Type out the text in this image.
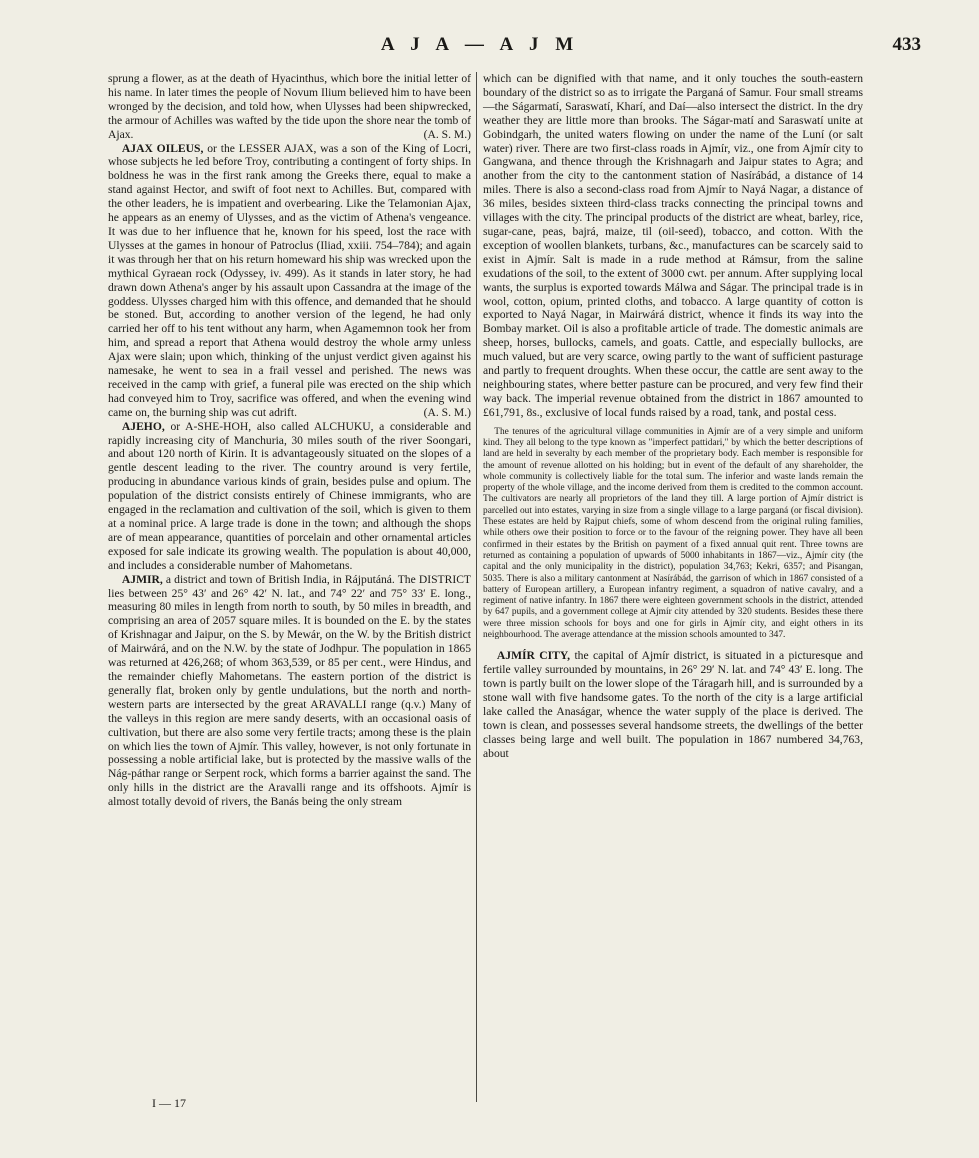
A J A — A J M	433

sprung a flower, as at the death of Hyacinthus, which bore the initial letter of his name. In later times the people of Novum Ilium believed him to have been wronged by the decision, and told how, when Ulysses had been shipwrecked, the armour of Achilles was wafted by the tide upon the shore near the tomb of Ajax.	(A. S. M.)

AJAX OILEUS, or the LESSER AJAX, was a son of the King of Locri, whose subjects he led before Troy, contributing a contingent of forty ships. In boldness he was in the first rank among the Greeks there, equal to make a stand against Hector, and swift of foot next to Achilles. But, compared with the other leaders, he is impatient and overbearing. Like the Telamonian Ajax, he appears as an enemy of Ulysses, and as the victim of Athena's vengeance. It was due to her influence that he, known for his speed, lost the race with Ulysses at the games in honour of Patroclus (Iliad, xxiii. 754–784); and again it was through her that on his return homeward his ship was wrecked upon the mythical Gyraean rock (Odyssey, iv. 499). As it stands in later story, he had drawn down Athena's anger by his assault upon Cassandra at the image of the goddess. Ulysses charged him with this offence, and demanded that he should be stoned. But, according to another version of the legend, he had only carried her off to his tent without any harm, when Agamemnon took her from him, and spread a report that Athena would destroy the whole army unless Ajax were slain; upon which, thinking of the unjust verdict given against his namesake, he went to sea in a frail vessel and perished. The news was received in the camp with grief, a funeral pile was erected on the ship which had conveyed him to Troy, sacrifice was offered, and when the evening wind came on, the burning ship was cut adrift.	(A. S. M.)

AJEHO, or A-SHE-HOH, also called ALCHUKU, a considerable and rapidly increasing city of Manchuria, 30 miles south of the river Soongari, and about 120 north of Kirin. It is advantageously situated on the slopes of a gentle descent leading to the river. The country around is very fertile, producing in abundance various kinds of grain, besides pulse and opium. The population of the district consists entirely of Chinese immigrants, who are engaged in the reclamation and cultivation of the soil, which is given to them at a nominal price. A large trade is done in the town; and although the shops are of mean appearance, quantities of porcelain and other ornamental articles exposed for sale indicate its growing wealth. The population is about 40,000, and includes a considerable number of Mahometans.

AJMIR, a district and town of British India, in Rájputáná. The DISTRICT lies between 25° 43′ and 26° 42′ N. lat., and 74° 22′ and 75° 33′ E. long., measuring 80 miles in length from north to south, by 50 miles in breadth, and comprising an area of 2057 square miles. It is bounded on the E. by the states of Krishnagar and Jaipur, on the S. by Mewár, on the W. by the British district of Mairwárá, and on the N.W. by the state of Jodhpur. The population in 1865 was returned at 426,268; of whom 363,539, or 85 per cent., were Hindus, and the remainder chiefly Mahometans. The eastern portion of the district is generally flat, broken only by gentle undulations, but the north and north-western parts are intersected by the great ARAVALLI range (q.v.) Many of the valleys in this region are mere sandy deserts, with an occasional oasis of cultivation, but there are also some very fertile tracts; among these is the plain on which lies the town of Ajmír. This valley, however, is not only fortunate in possessing a noble artificial lake, but is protected by the massive walls of the Nág-páthar range or Serpent rock, which forms a barrier against the sand. The only hills in the district are the Aravalli range and its offshoots. Ajmír is almost totally devoid of rivers, the Banás being the only stream

which can be dignified with that name, and it only touches the south-eastern boundary of the district so as to irrigate the Parganá of Samur. Four small streams—the Ságarmatí, Saraswatí, Kharí, and Daí—also intersect the district. In the dry weather they are little more than brooks. The Ságar-matí and Saraswatí unite at Gobindgarh, the united waters flowing on under the name of the Luní (or salt water) river. There are two first-class roads in Ajmír, viz., one from Ajmír city to Gangwana, and thence through the Krishnagarh and Jaipur states to Agra; and another from the city to the cantonment station of Nasírábád, a distance of 14 miles. There is also a second-class road from Ajmír to Nayá Nagar, a distance of 36 miles, besides sixteen third-class tracks connecting the principal towns and villages with the city. The principal products of the district are wheat, barley, rice, sugar-cane, peas, bajrá, maize, til (oil-seed), tobacco, and cotton. With the exception of woollen blankets, turbans, &c., manufactures can be scarcely said to exist in Ajmír. Salt is made in a rude method at Rámsur, from the saline exudations of the soil, to the extent of 3000 cwt. per annum. After supplying local wants, the surplus is exported towards Málwa and Ságar. The principal trade is in wool, cotton, opium, printed cloths, and tobacco. A large quantity of cotton is exported to Nayá Nagar, in Mairwárá district, whence it finds its way into the Bombay market. Oil is also a profitable article of trade. The domestic animals are sheep, horses, bullocks, camels, and goats. Cattle, and especially bullocks, are much valued, but are very scarce, owing partly to the want of sufficient pasturage and partly to frequent droughts. When these occur, the cattle are sent away to the neighbouring states, where better pasture can be procured, and very few find their way back. The imperial revenue obtained from the district in 1867 amounted to £61,791, 8s., exclusive of local funds raised by a road, tank, and postal cess.

The tenures of the agricultural village communities in Ajmír are of a very simple and uniform kind. They all belong to the type known as "imperfect pattidari," by which the better descriptions of land are held in severalty by each member of the proprietary body. Each member is responsible for the amount of revenue allotted on his holding; but in event of the default of any shareholder, the whole community is collectively liable for the total sum. The inferior and waste lands remain the property of the whole village, and the income derived from them is credited to the common account. The cultivators are nearly all proprietors of the land they till. A large portion of Ajmír district is parcelled out into estates, varying in size from a single village to a large parganá (or fiscal division). These estates are held by Rajput chiefs, some of whom descend from the original ruling families, while others owe their position to force or to the favour of the reigning power. They have all been confirmed in their estates by the British on payment of a fixed annual quit rent. Three towns are returned as containing a population of upwards of 5000 inhabitants in 1867—viz., Ajmír city (the capital and the only municipality in the district), population 34,763; Kekri, 6357; and Pisangan, 5035. There is also a military cantonment at Nasírábád, the garrison of which in 1867 consisted of a battery of European artillery, a European infantry regiment, a squadron of native cavalry, and a regiment of native infantry. In 1867 there were eighteen government schools in the district, attended by 647 pupils, and a government college at Ajmír city attended by 320 students. Besides these there were three mission schools for boys and one for girls in Ajmír city, and eight others in its neighbourhood. The average attendance at the mission schools amounted to 347.

AJMÍR CITY, the capital of Ajmír district, is situated in a picturesque and fertile valley surrounded by mountains, in 26° 29′ N. lat. and 74° 43′ E. long. The town is partly built on the lower slope of the Táragarh hill, and is surrounded by a stone wall with five handsome gates. To the north of the city is a large artificial lake called the Anaságar, whence the water supply of the place is derived. The town is clean, and possesses several handsome streets, the dwellings of the better classes being large and well built. The population in 1867 numbered 34,763, about

I — 17
